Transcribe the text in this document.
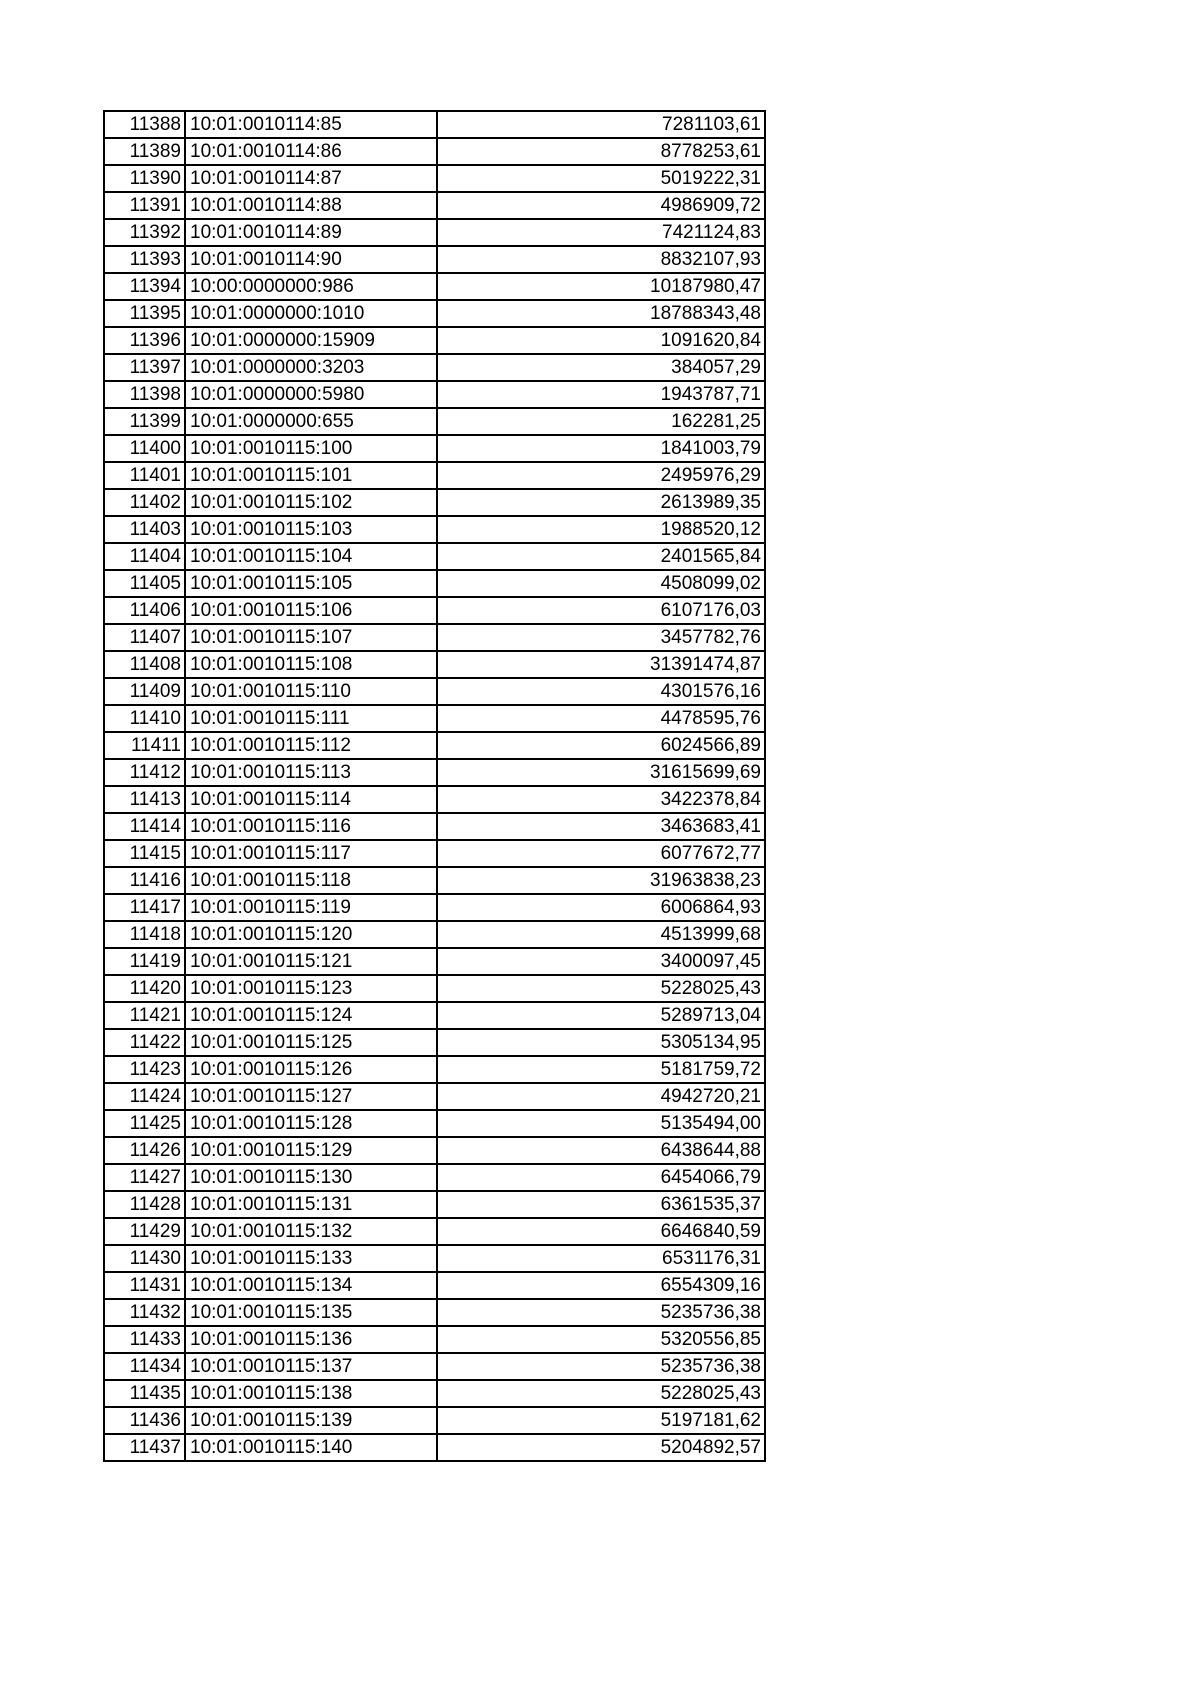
11388	10:01:0010114:85	7281103,61
11389	10:01:0010114:86	8778253,61
11390	10:01:0010114:87	5019222,31
11391	10:01:0010114:88	4986909,72
11392	10:01:0010114:89	7421124,83
11393	10:01:0010114:90	8832107,93
11394	10:00:0000000:986	10187980,47
11395	10:01:0000000:1010	18788343,48
11396	10:01:0000000:15909	1091620,84
11397	10:01:0000000:3203	384057,29
11398	10:01:0000000:5980	1943787,71
11399	10:01:0000000:655	162281,25
11400	10:01:0010115:100	1841003,79
11401	10:01:0010115:101	2495976,29
11402	10:01:0010115:102	2613989,35
11403	10:01:0010115:103	1988520,12
11404	10:01:0010115:104	2401565,84
11405	10:01:0010115:105	4508099,02
11406	10:01:0010115:106	6107176,03
11407	10:01:0010115:107	3457782,76
11408	10:01:0010115:108	31391474,87
11409	10:01:0010115:110	4301576,16
11410	10:01:0010115:111	4478595,76
11411	10:01:0010115:112	6024566,89
11412	10:01:0010115:113	31615699,69
11413	10:01:0010115:114	3422378,84
11414	10:01:0010115:116	3463683,41
11415	10:01:0010115:117	6077672,77
11416	10:01:0010115:118	31963838,23
11417	10:01:0010115:119	6006864,93
11418	10:01:0010115:120	4513999,68
11419	10:01:0010115:121	3400097,45
11420	10:01:0010115:123	5228025,43
11421	10:01:0010115:124	5289713,04
11422	10:01:0010115:125	5305134,95
11423	10:01:0010115:126	5181759,72
11424	10:01:0010115:127	4942720,21
11425	10:01:0010115:128	5135494,00
11426	10:01:0010115:129	6438644,88
11427	10:01:0010115:130	6454066,79
11428	10:01:0010115:131	6361535,37
11429	10:01:0010115:132	6646840,59
11430	10:01:0010115:133	6531176,31
11431	10:01:0010115:134	6554309,16
11432	10:01:0010115:135	5235736,38
11433	10:01:0010115:136	5320556,85
11434	10:01:0010115:137	5235736,38
11435	10:01:0010115:138	5228025,43
11436	10:01:0010115:139	5197181,62
11437	10:01:0010115:140	5204892,57
